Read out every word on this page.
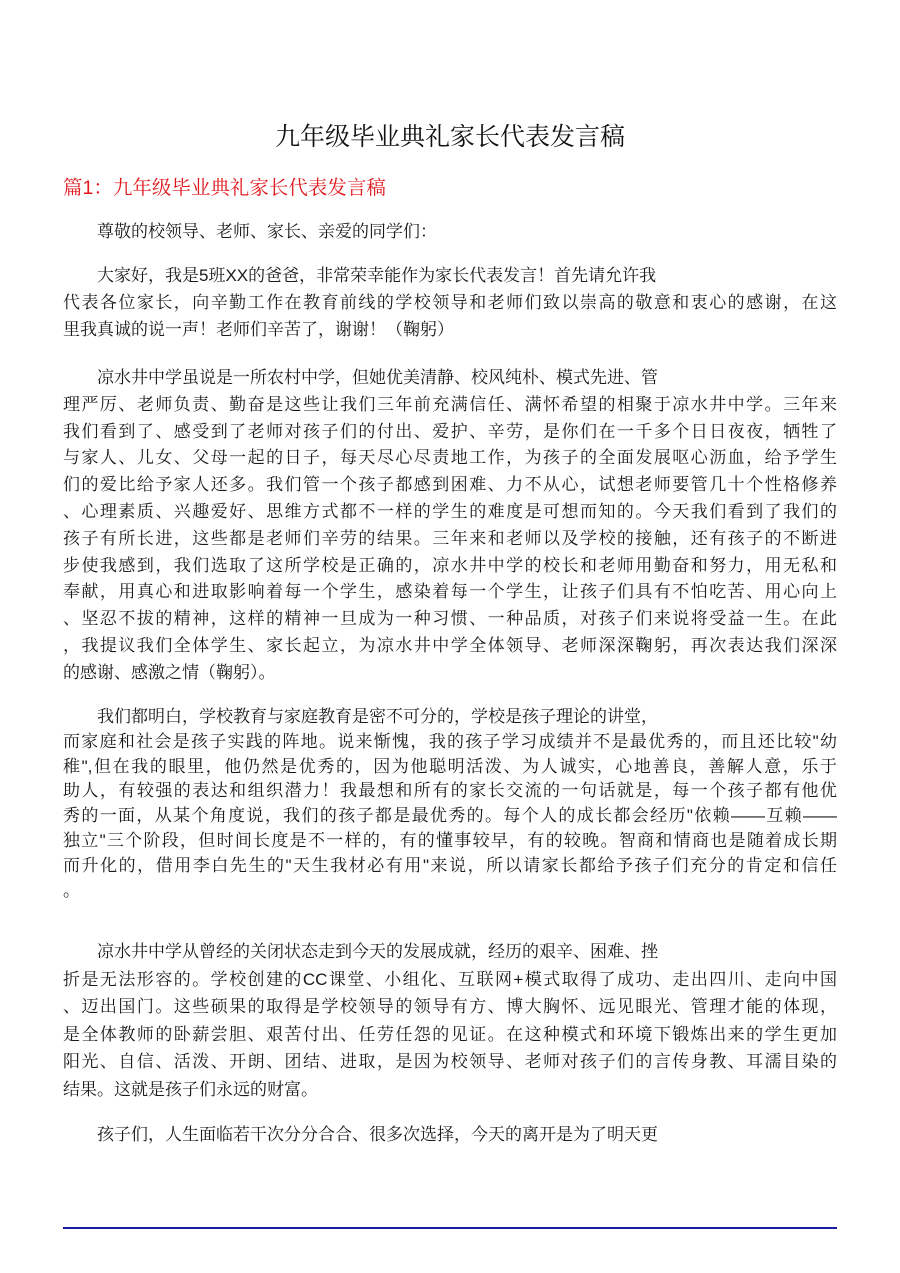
九年级毕业典礼家长代表发言稿
篇1：九年级毕业典礼家长代表发言稿
尊敬的校领导、老师、家长、亲爱的同学们：
大家好，我是5班XX的爸爸，非常荣幸能作为家长代表发言！首先请允许我
代表各位家长，向辛勤工作在教育前线的学校领导和老师们致以崇高的敬意和衷心的感谢，在这
里我真诚的说一声！老师们辛苦了，谢谢！（鞠躬）
凉水井中学虽说是一所农村中学，但她优美清静、校风纯朴、模式先进、管
理严厉、老师负责、勤奋是这些让我们三年前充满信任、满怀希望的相聚于凉水井中学。三年来
我们看到了、感受到了老师对孩子们的付出、爱护、辛劳，是你们在一千多个日日夜夜，牺牲了
与家人、儿女、父母一起的日子，每天尽心尽责地工作，为孩子的全面发展呕心沥血，给予学生
们的爱比给予家人还多。我们管一个孩子都感到困难、力不从心，试想老师要管几十个性格修养
、心理素质、兴趣爱好、思维方式都不一样的学生的难度是可想而知的。今天我们看到了我们的
孩子有所长进，这些都是老师们辛劳的结果。三年来和老师以及学校的接触，还有孩子的不断进
步使我感到，我们选取了这所学校是正确的，凉水井中学的校长和老师用勤奋和努力，用无私和
奉献，用真心和进取影响着每一个学生，感染着每一个学生，让孩子们具有不怕吃苦、用心向上
、坚忍不拔的精神，这样的精神一旦成为一种习惯、一种品质，对孩子们来说将受益一生。在此
，我提议我们全体学生、家长起立，为凉水井中学全体领导、老师深深鞠躬，再次表达我们深深
的感谢、感激之情（鞠躬）。
我们都明白，学校教育与家庭教育是密不可分的，学校是孩子理论的讲堂，
而家庭和社会是孩子实践的阵地。说来惭愧，我的孩子学习成绩并不是最优秀的，而且还比较"幼
稚",但在我的眼里，他仍然是优秀的，因为他聪明活泼、为人诚实，心地善良，善解人意，乐于
助人，有较强的表达和组织潜力！我最想和所有的家长交流的一句话就是，每一个孩子都有他优
秀的一面，从某个角度说，我们的孩子都是最优秀的。每个人的成长都会经历"依赖——互赖——
独立"三个阶段，但时间长度是不一样的，有的懂事较早，有的较晚。智商和情商也是随着成长期
而升化的，借用李白先生的"天生我材必有用"来说，所以请家长都给予孩子们充分的肯定和信任
。
凉水井中学从曾经的关闭状态走到今天的发展成就，经历的艰辛、困难、挫
折是无法形容的。学校创建的CC课堂、小组化、互联网+模式取得了成功、走出四川、走向中国
、迈出国门。这些硕果的取得是学校领导的领导有方、博大胸怀、远见眼光、管理才能的体现，
是全体教师的卧薪尝胆、艰苦付出、任劳任怨的见证。在这种模式和环境下锻炼出来的学生更加
阳光、自信、活泼、开朗、团结、进取，是因为校领导、老师对孩子们的言传身教、耳濡目染的
结果。这就是孩子们永远的财富。
孩子们，人生面临若干次分分合合、很多次选择，今天的离开是为了明天更
